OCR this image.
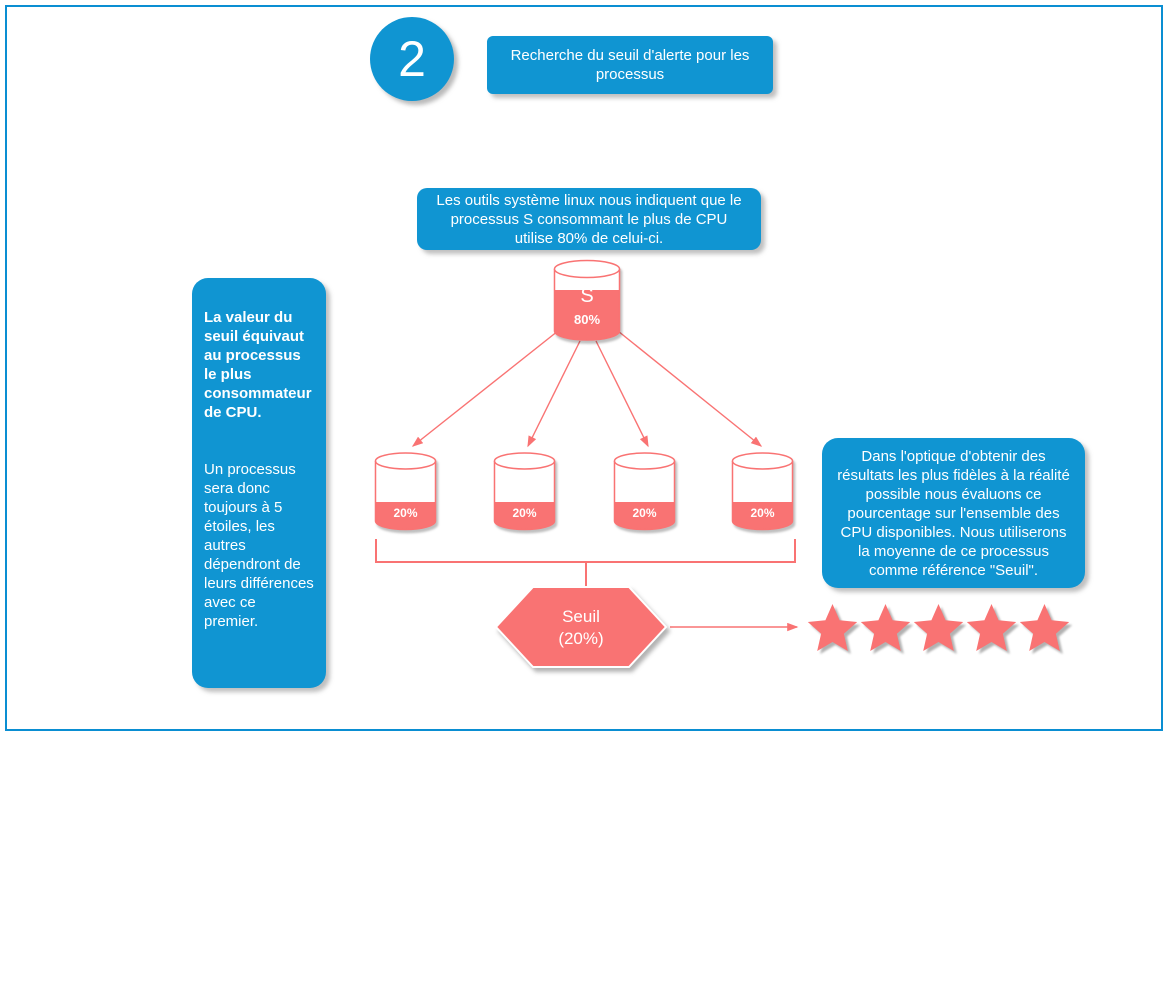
2	Recherche du seuil d'alerte pour les processus
Les outils système linux nous indiquent que le processus S consommant le plus de CPU utilise 80% de celui-ci.

La valeur du seuil équivaut au processus le plus consommateur de CPU.

Un processus sera donc toujours à 5 étoiles, les autres dépendront de leurs différences avec ce premier.

Dans l'optique d'obtenir des résultats les plus fidèles à la réalité possible nous évaluons ce pourcentage sur l'ensemble des CPU disponibles. Nous utiliserons la moyenne de ce processus comme référence "Seuil".
S
80%
20%	20%	20%	20%
Seuil
(20%)
